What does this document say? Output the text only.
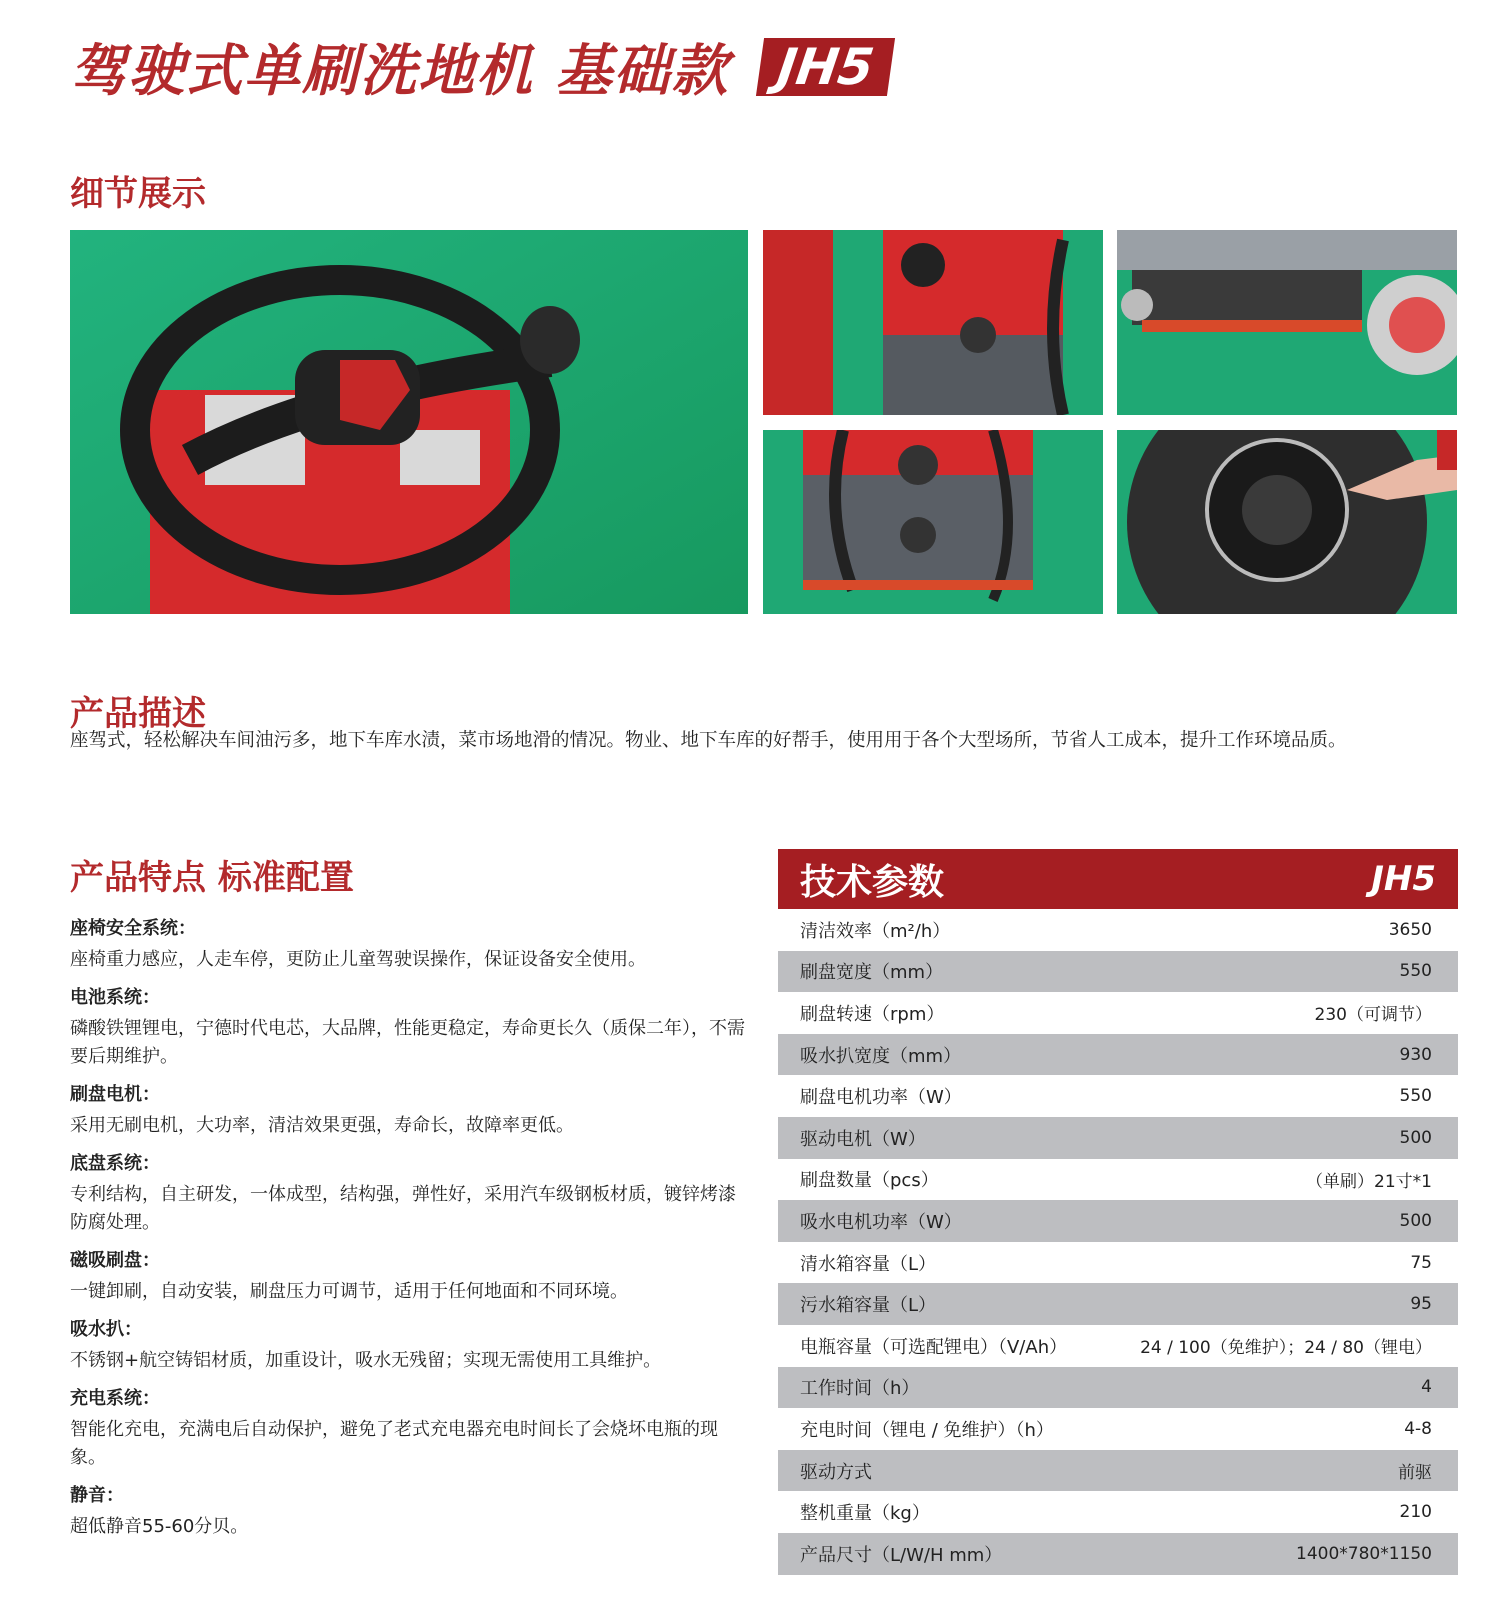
驾驶式单刷洗地机 基础款 JH5
细节展示
产品描述
座驾式，轻松解决车间油污多，地下车库水渍，菜市场地滑的情况。物业、地下车库的好帮手，使用用于各个大型场所，节省人工成本，提升工作环境品质。
产品特点 标准配置
座椅安全系统：
座椅重力感应，人走车停，更防止儿童驾驶误操作，保证设备安全使用。
电池系统：
磷酸铁锂锂电，宁德时代电芯，大品牌，性能更稳定，寿命更长久（质保二年），不需要后期维护。
刷盘电机：
采用无刷电机，大功率，清洁效果更强，寿命长，故障率更低。
底盘系统：
专利结构，自主研发，一体成型，结构强，弹性好，采用汽车级钢板材质，镀锌烤漆防腐处理。
磁吸刷盘：
一键卸刷，自动安装，刷盘压力可调节，适用于任何地面和不同环境。
吸水扒：
不锈钢+航空铸铝材质，加重设计，吸水无残留；实现无需使用工具维护。
充电系统：
智能化充电，充满电后自动保护，避免了老式充电器充电时间长了会烧坏电瓶的现象。
静音：
超低静音55-60分贝。
技术参数	JH5
清洁效率（m²/h）	3650
刷盘宽度（mm）	550
刷盘转速（rpm）	230（可调节）
吸水扒宽度（mm）	930
刷盘电机功率（W）	550
驱动电机（W）	500
刷盘数量（pcs）	（单刷）21寸*1
吸水电机功率（W）	500
清水箱容量（L）	75
污水箱容量（L）	95
电瓶容量（可选配锂电）（V/Ah）	24 / 100（免维护）；24 / 80（锂电）
工作时间（h）	4
充电时间（锂电 / 免维护）（h）	4-8
驱动方式	前驱
整机重量（kg）	210
产品尺寸（L/W/H mm）	1400*780*1150
